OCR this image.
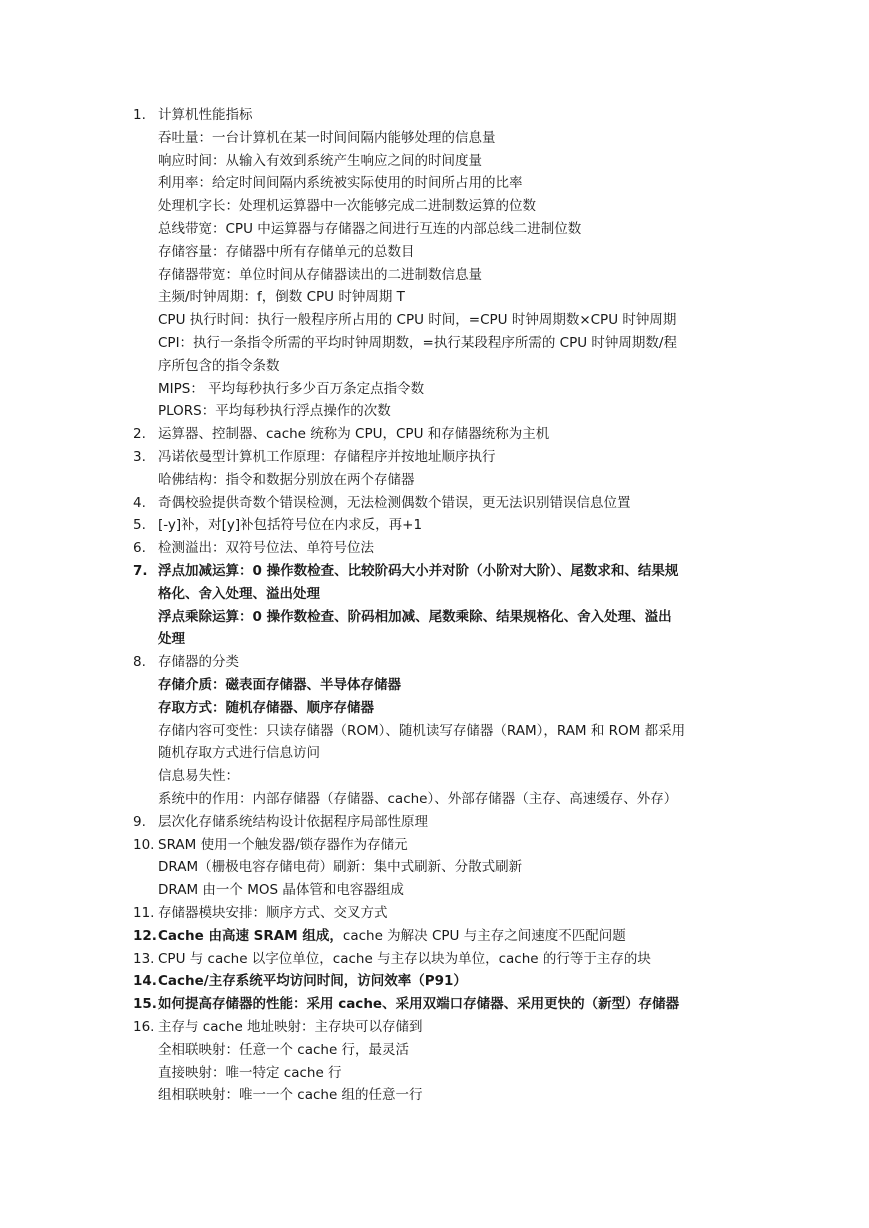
1. 计算机性能指标
吞吐量：一台计算机在某一时间间隔内能够处理的信息量
响应时间：从输入有效到系统产生响应之间的时间度量
利用率：给定时间间隔内系统被实际使用的时间所占用的比率
处理机字长：处理机运算器中一次能够完成二进制数运算的位数
总线带宽：CPU 中运算器与存储器之间进行互连的内部总线二进制位数
存储容量：存储器中所有存储单元的总数目
存储器带宽：单位时间从存储器读出的二进制数信息量
主频/时钟周期：f，倒数 CPU 时钟周期 T
CPU 执行时间：执行一般程序所占用的 CPU 时间，=CPU 时钟周期数×CPU 时钟周期
CPI：执行一条指令所需的平均时钟周期数，=执行某段程序所需的 CPU 时钟周期数/程
序所包含的指令条数
MIPS： 平均每秒执行多少百万条定点指令数
PLORS：平均每秒执行浮点操作的次数
2. 运算器、控制器、cache 统称为 CPU，CPU 和存储器统称为主机
3. 冯诺依曼型计算机工作原理：存储程序并按地址顺序执行
哈佛结构：指令和数据分别放在两个存储器
4. 奇偶校验提供奇数个错误检测，无法检测偶数个错误，更无法识别错误信息位置
5. [-y]补，对[y]补包括符号位在内求反，再+1
6. 检测溢出：双符号位法、单符号位法
7. 浮点加减运算：0 操作数检查、比较阶码大小并对阶（小阶对大阶）、尾数求和、结果规
格化、舍入处理、溢出处理
浮点乘除运算：0 操作数检查、阶码相加减、尾数乘除、结果规格化、舍入处理、溢出
处理
8. 存储器的分类
存储介质：磁表面存储器、半导体存储器
存取方式：随机存储器、顺序存储器
存储内容可变性：只读存储器（ROM）、随机读写存储器（RAM），RAM 和 ROM 都采用
随机存取方式进行信息访问
信息易失性：
系统中的作用：内部存储器（存储器、cache）、外部存储器（主存、高速缓存、外存）
9. 层次化存储系统结构设计依据程序局部性原理
10. SRAM 使用一个触发器/锁存器作为存储元
DRAM（栅极电容存储电荷）刷新：集中式刷新、分散式刷新
DRAM 由一个 MOS 晶体管和电容器组成
11. 存储器模块安排：顺序方式、交叉方式
12. Cache 由高速 SRAM 组成，cache 为解决 CPU 与主存之间速度不匹配问题
13. CPU 与 cache 以字位单位，cache 与主存以块为单位，cache 的行等于主存的块
14. Cache/主存系统平均访问时间，访问效率（P91）
15. 如何提高存储器的性能：采用 cache、采用双端口存储器、采用更快的（新型）存储器
16. 主存与 cache 地址映射：主存块可以存储到
全相联映射：任意一个 cache 行，最灵活
直接映射：唯一特定 cache 行
组相联映射：唯一一个 cache 组的任意一行
